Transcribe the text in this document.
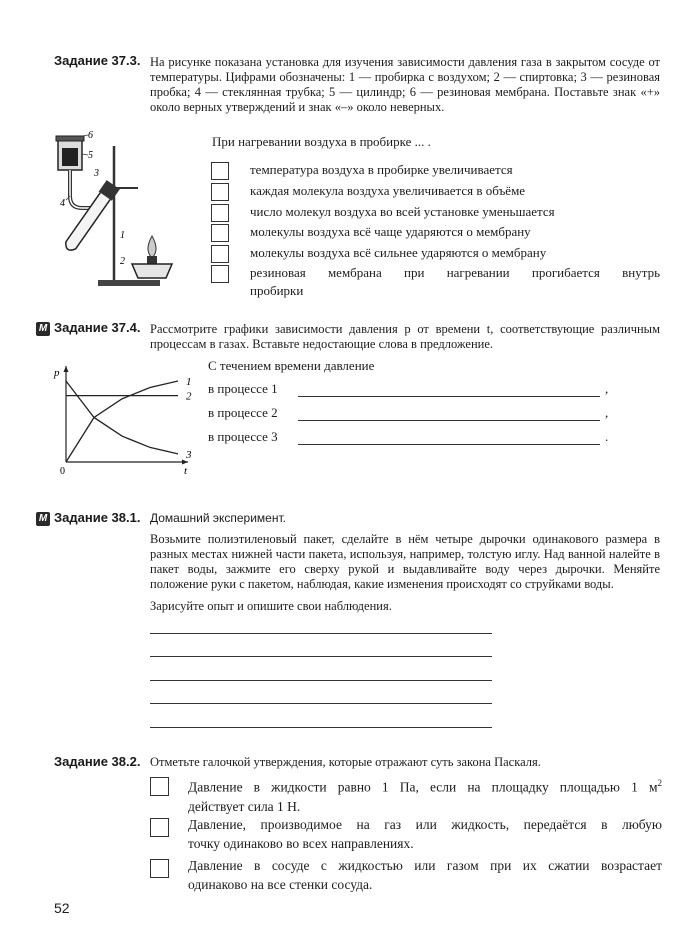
Задание 37.3. На рисунке показана установка для изучения зависимости давления газа в закрытом сосуде от температуры. Цифрами обозначены: 1 — пробирка с воздухом; 2 — спиртовка; 3 — резиновая пробка; 4 — стеклянная трубка; 5 — цилиндр; 6 — резиновая мембрана. Поставьте знак «+» около верных утверждений и знак «–» около неверных.
6
5
3
4
1
2
При нагревании воздуха в пробирке ... .
температура воздуха в пробирке увеличивается
каждая молекула воздуха увеличивается в объёме
число молекул воздуха во всей установке уменьшается
молекулы воздуха всё чаще ударяются о мембрану
молекулы воздуха всё сильнее ударяются о мембрану
резиновая мембрана при нагревании прогибается внутрь
пробирки
М Задание 37.4. Рассмотрите графики зависимости давления p от времени t, соответствующие различным процессам в газах. Вставьте недостающие слова в предложение.
p
t
0
1
2
3
С течением времени давление
в процессе 1	,
в процессе 2	,
в процессе 3	.
М Задание 38.1. Домашний эксперимент.
Возьмите полиэтиленовый пакет, сделайте в нём четыре дырочки одинакового размера в разных местах нижней части пакета, используя, например, толстую иглу. Над ванной налейте в пакет воды, зажмите его сверху рукой и выдавливайте воду через дырочки. Меняйте положение руки с пакетом, наблюдая, какие изменения происходят со струйками воды.
Зарисуйте опыт и опишите свои наблюдения.
Задание 38.2. Отметьте галочкой утверждения, которые отражают суть закона Паскаля.
Давление в жидкости равно 1 Па, если на площадку площадью 1 $м^2$
действует сила 1 Н.
Давление, производимое на газ или жидкость, передаётся в любую
точку одинаково во всех направлениях.
Давление в сосуде с жидкостью или газом при их сжатии возрастает
одинаково на все стенки сосуда.
52
